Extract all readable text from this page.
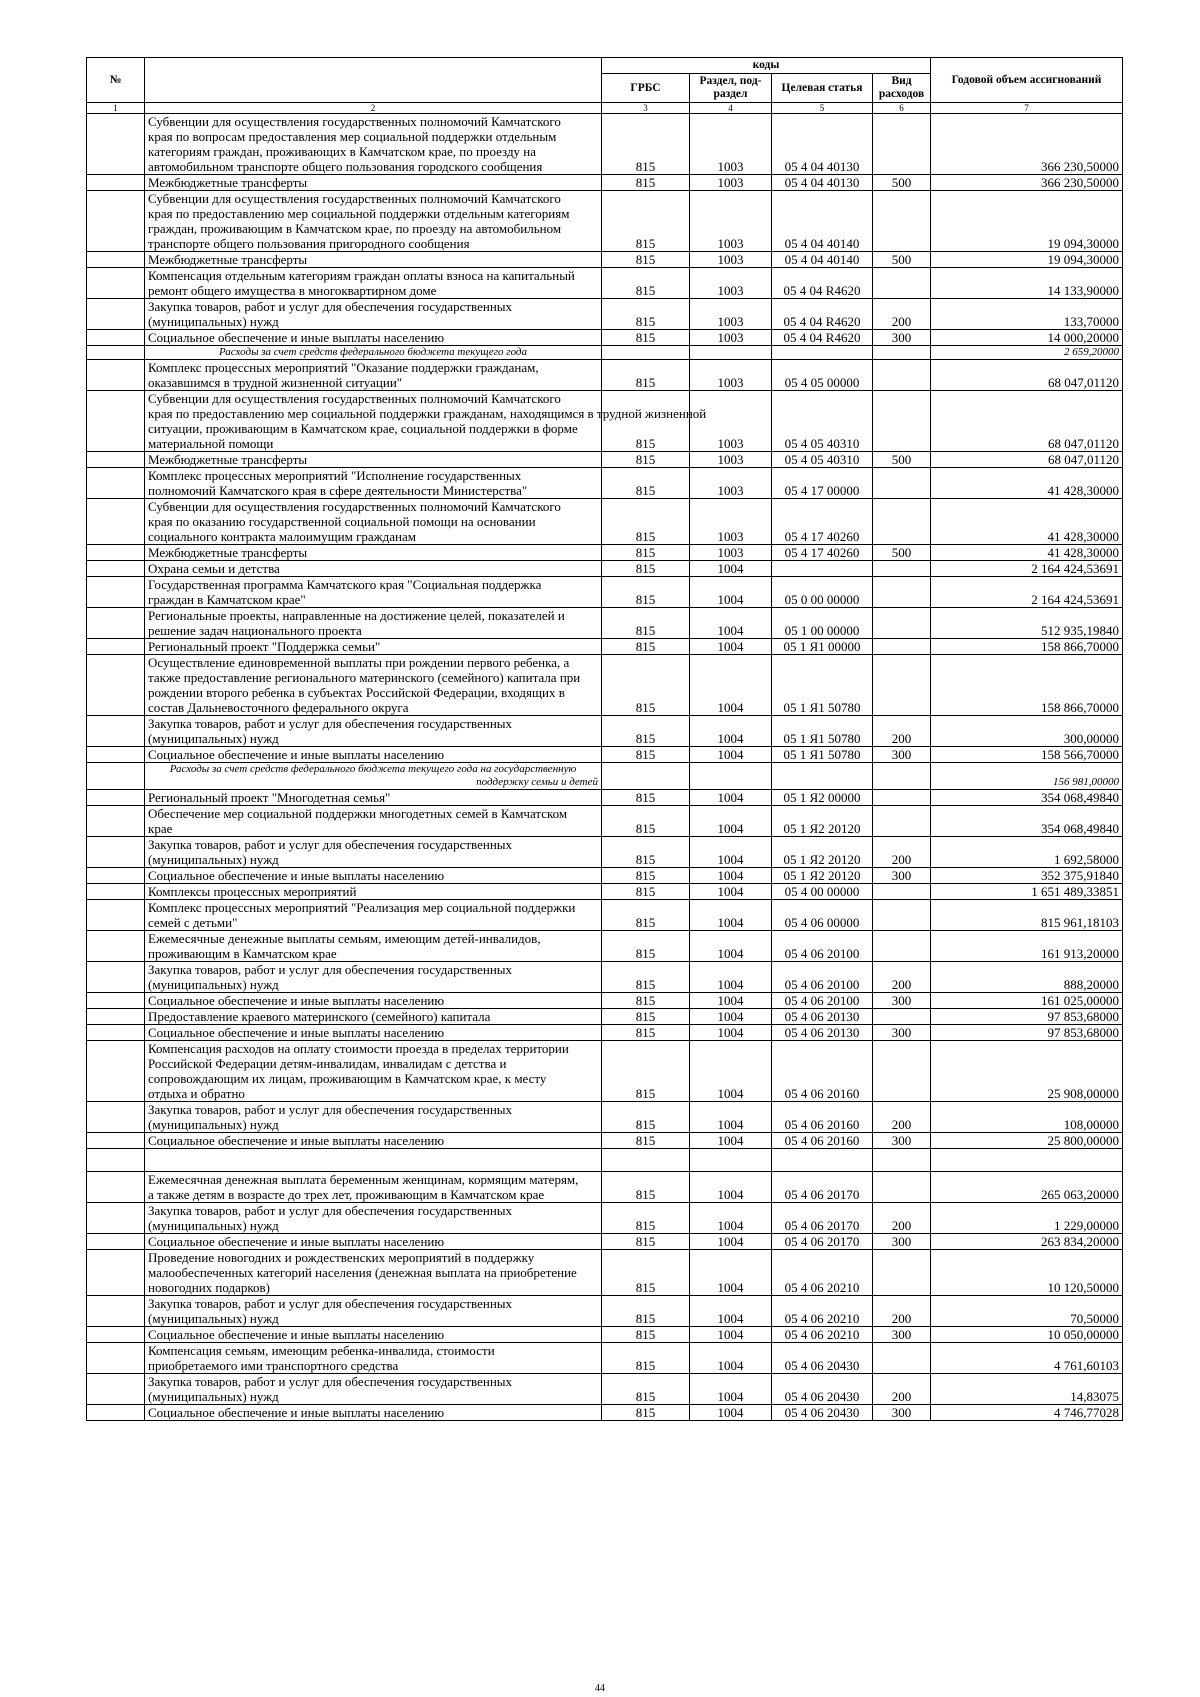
№		коды				Годовой объем ассигнований
		ГРБС	Раздел, под-раздел	Целевая статья	Вид расходов	
1	2	3	4	5	6	7

	Субвенции для осуществления государственных полномочий Камчатского
края по вопросам предоставления мер социальной поддержки отдельным
категориям граждан, проживающих в Камчатском крае, по проезду на
автомобильном транспорте общего пользования городского сообщения	815	1003	05 4 04 40130		366 230,50000

	Межбюджетные трансферты	815	1003	05 4 04 40130	500	366 230,50000

	Субвенции для осуществления государственных полномочий Камчатского
края по предоставлению мер социальной поддержки отдельным категориям
граждан, проживающим в Камчатском крае, по проезду на автомобильном
транспорте общего пользования пригородного сообщения	815	1003	05 4 04 40140		19 094,30000

	Межбюджетные трансферты	815	1003	05 4 04 40140	500	19 094,30000

	Компенсация отдельным категориям граждан оплаты взноса на капитальный
ремонт общего имущества в многоквартирном доме	815	1003	05 4 04 R4620		14 133,90000

	Закупка товаров, работ и услуг для обеспечения государственных
(муниципальных) нужд	815	1003	05 4 04 R4620	200	133,70000

	Социальное обеспечение и иные выплаты населению	815	1003	05 4 04 R4620	300	14 000,20000

	Расходы за счет средств федерального бюджета текущего года					2 659,20000

	Комплекс процессных мероприятий "Оказание поддержки гражданам,
оказавшимся в трудной жизненной ситуации"	815	1003	05 4 05 00000		68 047,01120

	Субвенции для осуществления государственных полномочий Камчатского
края по предоставлению мер социальной поддержки гражданам, находящимся в трудной жизненной
ситуации, проживающим в Камчатском крае, социальной поддержки в форме
материальной помощи	815	1003	05 4 05 40310		68 047,01120

	Межбюджетные трансферты	815	1003	05 4 05 40310	500	68 047,01120

	Комплекс процессных мероприятий "Исполнение государственных
полномочий Камчатского края в сфере деятельности Министерства"	815	1003	05 4 17 00000		41 428,30000

	Субвенции для осуществления государственных полномочий Камчатского
края по оказанию государственной социальной помощи на основании
социального контракта малоимущим гражданам	815	1003	05 4 17 40260		41 428,30000

	Межбюджетные трансферты	815	1003	05 4 17 40260	500	41 428,30000

	Охрана семьи и детства	815	1004			2 164 424,53691

	Государственная программа Камчатского края "Социальная поддержка
граждан в Камчатском крае"	815	1004	05 0 00 00000		2 164 424,53691

	Региональные проекты, направленные на достижение целей, показателей и
решение задач национального проекта	815	1004	05 1 00 00000		512 935,19840

	Региональный проект "Поддержка семьи"	815	1004	05 1 Я1 00000		158 866,70000

	Осуществление единовременной выплаты при рождении первого ребенка, а
также предоставление регионального материнского (семейного) капитала при
рождении второго ребенка в субъектах Российской Федерации, входящих в
состав Дальневосточного федерального округа	815	1004	05 1 Я1 50780		158 866,70000

	Закупка товаров, работ и услуг для обеспечения государственных
(муниципальных) нужд	815	1004	05 1 Я1 50780	200	300,00000

	Социальное обеспечение и иные выплаты населению	815	1004	05 1 Я1 50780	300	158 566,70000

	Расходы за счет средств федерального бюджета текущего года на государственную
поддержку семьи и детей					156 981,00000

	Региональный проект "Многодетная семья"	815	1004	05 1 Я2 00000		354 068,49840

	Обеспечение мер социальной поддержки многодетных семей в Камчатском
крае	815	1004	05 1 Я2 20120		354 068,49840

	Закупка товаров, работ и услуг для обеспечения государственных
(муниципальных) нужд	815	1004	05 1 Я2 20120	200	1 692,58000

	Социальное обеспечение и иные выплаты населению	815	1004	05 1 Я2 20120	300	352 375,91840

	Комплексы процессных мероприятий	815	1004	05 4 00 00000		1 651 489,33851

	Комплекс процессных мероприятий "Реализация мер социальной поддержки
семей с детьми"	815	1004	05 4 06 00000		815 961,18103

	Ежемесячные денежные выплаты семьям, имеющим детей-инвалидов,
проживающим в Камчатском крае	815	1004	05 4 06 20100		161 913,20000

	Закупка товаров, работ и услуг для обеспечения государственных
(муниципальных) нужд	815	1004	05 4 06 20100	200	888,20000

	Социальное обеспечение и иные выплаты населению	815	1004	05 4 06 20100	300	161 025,00000

	Предоставление краевого материнского (семейного) капитала	815	1004	05 4 06 20130		97 853,68000

	Социальное обеспечение и иные выплаты населению	815	1004	05 4 06 20130	300	97 853,68000

	Компенсация расходов на оплату стоимости проезда в пределах территории
Российской Федерации детям-инвалидам, инвалидам с детства и
сопровождающим их лицам, проживающим в Камчатском крае, к месту
отдыха и обратно	815	1004	05 4 06 20160		25 908,00000

	Закупка товаров, работ и услуг для обеспечения государственных
(муниципальных) нужд	815	1004	05 4 06 20160	200	108,00000

	Социальное обеспечение и иные выплаты населению	815	1004	05 4 06 20160	300	25 800,00000

	Ежемесячная денежная выплата беременным женщинам, кормящим матерям,
а также детям в возрасте до трех лет, проживающим в Камчатском крае	815	1004	05 4 06 20170		265 063,20000

	Закупка товаров, работ и услуг для обеспечения государственных
(муниципальных) нужд	815	1004	05 4 06 20170	200	1 229,00000

	Социальное обеспечение и иные выплаты населению	815	1004	05 4 06 20170	300	263 834,20000

	Проведение новогодних и рождественских мероприятий в поддержку
малообеспеченных категорий населения (денежная выплата на приобретение
новогодних подарков)	815	1004	05 4 06 20210		10 120,50000

	Закупка товаров, работ и услуг для обеспечения государственных
(муниципальных) нужд	815	1004	05 4 06 20210	200	70,50000

	Социальное обеспечение и иные выплаты населению	815	1004	05 4 06 20210	300	10 050,00000

	Компенсация семьям, имеющим ребенка-инвалида, стоимости
приобретаемого ими транспортного средства	815	1004	05 4 06 20430		4 761,60103

	Закупка товаров, работ и услуг для обеспечения государственных
(муниципальных) нужд	815	1004	05 4 06 20430	200	14,83075

	Социальное обеспечение и иные выплаты населению	815	1004	05 4 06 20430	300	4 746,77028
44
